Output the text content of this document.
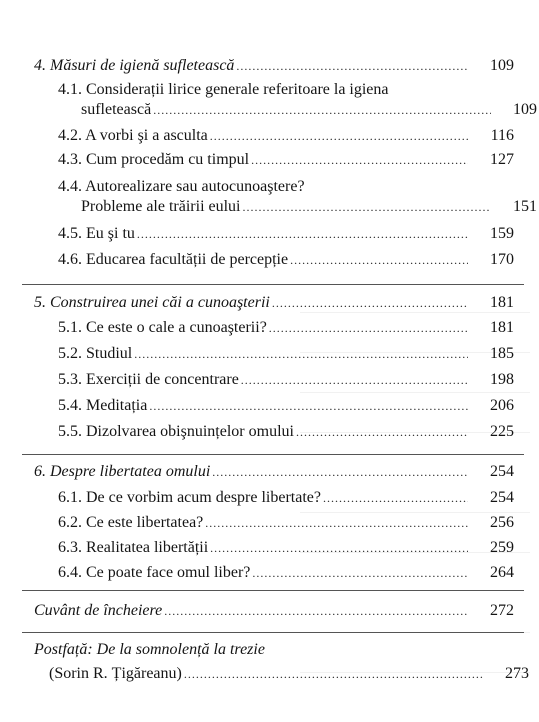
4. Măsuri de igienă sufletească .....	109
4.1. Considerații lirice generale referitoare la igiena
sufletească .....	109
4.2. A vorbi şi a asculta .....	116
4.3. Cum procedăm cu timpul .....	127
4.4. Autorealizare sau autocunoaştere?
Probleme ale trăirii eului .....	151
4.5. Eu şi tu .....	159
4.6. Educarea facultății de percepție .....	170
5. Construirea unei căi a cunoaşterii .....	181
5.1. Ce este o cale a cunoaşterii? .....	181
5.2. Studiul .....	185
5.3. Exerciții de concentrare .....	198
5.4. Meditația .....	206
5.5. Dizolvarea obişnuințelor omului .....	225
6. Despre libertatea omului .....	254
6.1. De ce vorbim acum despre libertate? .....	254
6.2. Ce este libertatea? .....	256
6.3. Realitatea libertății .....	259
6.4. Ce poate face omul liber? .....	264
Cuvânt de încheiere .....	272
Postfață: De la somnolență la trezie
(Sorin R. Țigăreanu) .....	273
